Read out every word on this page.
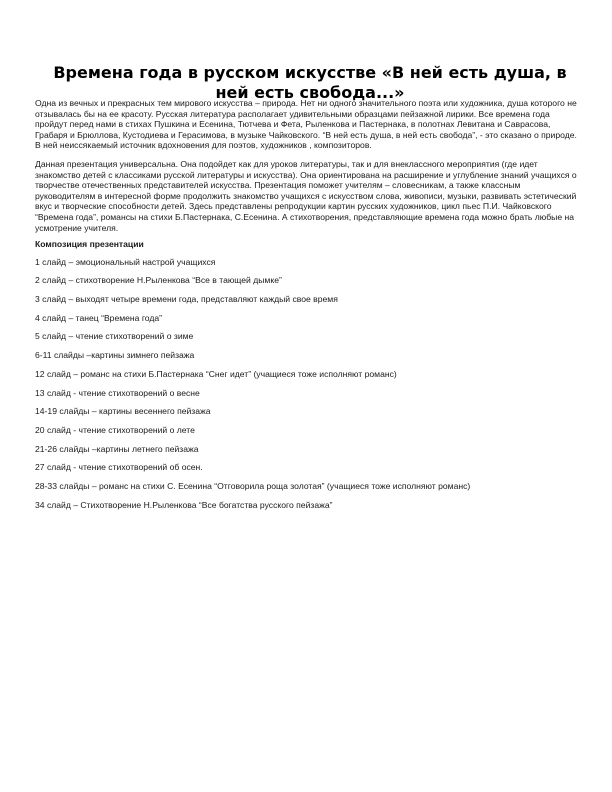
Времена года в русском искусстве «В ней есть душа, в ней есть свобода...»

Одна из вечных и прекрасных тем мирового искусства – природа. Нет ни одного значительного поэта или художника, душа которого не отзывалась бы на ее красоту. Русская литература располагает удивительными образцами пейзажной лирики. Все времена года пройдут перед нами в стихах Пушкина и Есенина, Тютчева и Фета, Рыленкова и Пастернака, в полотнах Левитана и Саврасова, Грабаря и Брюллова, Кустодиева и Герасимова, в музыке Чайковского. “В ней есть душа, в ней есть свобода”, - это сказано о природе. В ней неиссякаемый источник вдохновения для поэтов, художников , композиторов.

Данная презентация универсальна. Она подойдет как для уроков литературы, так и для внеклассного мероприятия (где идет знакомство детей с классиками русской литературы и искусства). Она ориентирована на расширение и углубление знаний учащихся о творчестве отечественных представителей искусства. Презентация поможет учителям – словесникам, а также классным руководителям в интересной форме продолжить знакомство учащихся с искусством слова, живописи, музыки, развивать эстетический вкус и творческие способности детей. Здесь представлены репродукции картин русских художников, цикл пьес П.И. Чайковского “Времена года”, романсы на стихи Б.Пастернака, С.Есенина. А стихотворения, представляющие времена года можно брать любые на усмотрение учителя.

Композиция презентации

1 слайд – эмоциональный настрой учащихся
2 слайд – стихотворение Н.Рыленкова “Все в тающей дымке”
3 слайд – выходят четыре времени года, представляют каждый свое время
4 слайд – танец “Времена года”
5 слайд – чтение стихотворений о зиме
6-11 слайды –картины зимнего пейзажа
12 слайд – романс на стихи Б.Пастернака “Снег идет” (учащиеся тоже исполняют романс)
13 слайд - чтение стихотворений о весне
14-19 слайды – картины весеннего пейзажа
20 слайд - чтение стихотворений о лете
21-26 слайды –картины летнего пейзажа
27 слайд - чтение стихотворений об осен.
28-33 слайды – романс на стихи С. Есенина “Отговорила роща золотая” (учащиеся тоже исполняют романс)
34 слайд – Стихотворение Н.Рыленкова “Все богатства русского пейзажа”
